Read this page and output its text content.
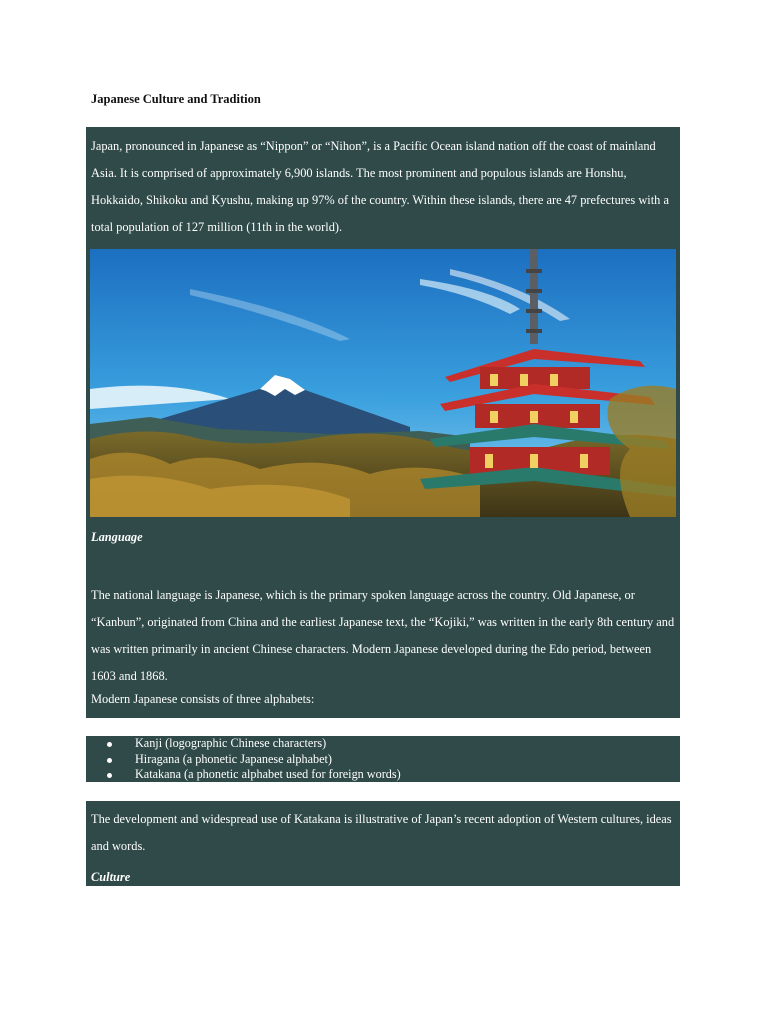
Japanese Culture and Tradition

Japan, pronounced in Japanese as “Nippon” or “Nihon”, is a Pacific Ocean island nation off the coast of mainland Asia. It is comprised of approximately 6,900 islands. The most prominent and populous islands are Honshu, Hokkaido, Shikoku and Kyushu, making up 97% of the country. Within these islands, there are 47 prefectures with a total population of 127 million (11th in the world).

Language

The national language is Japanese, which is the primary spoken language across the country. Old Japanese, or “Kanbun”, originated from China and the earliest Japanese text, the “Kojiki,” was written in the early 8th century and was written primarily in ancient Chinese characters. Modern Japanese developed during the Edo period, between 1603 and 1868.

Modern Japanese consists of three alphabets:
Kanji (logographic Chinese characters)
Hiragana (a phonetic Japanese alphabet)
Katakana (a phonetic alphabet used for foreign words)

The development and widespread use of Katakana is illustrative of Japan’s recent adoption of Western cultures, ideas and words.

Culture
